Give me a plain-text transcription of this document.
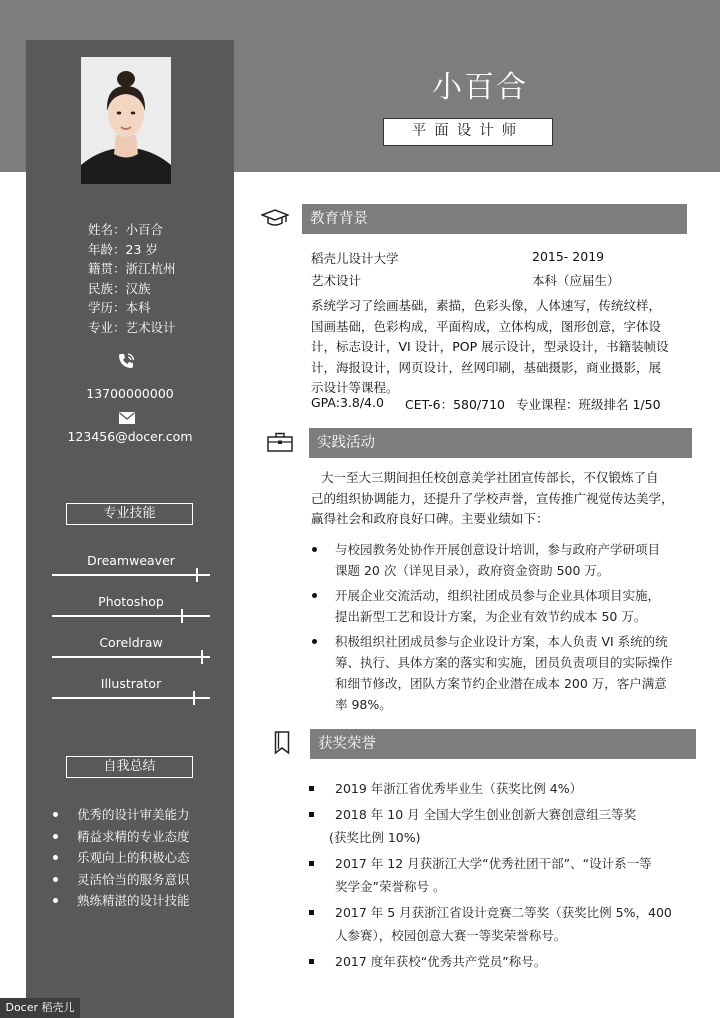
姓名：小百合
年龄：23 岁
籍贯：浙江杭州
民族：汉族
学历：本科
专业：艺术设计
13700000000
123456@docer.com
专业技能
Dreamweaver
Photoshop
Coreldraw
Illustrator
自我总结
优秀的设计审美能力
精益求精的专业态度
乐观向上的积极心态
灵活恰当的服务意识
熟练精湛的设计技能
小百合
平面设计师
教育背景
稻壳儿设计大学	2015- 2019
艺术设计	本科（应届生）

系统学习了绘画基础，素描，色彩头像，人体速写，传统纹样，

国画基础，色彩构成，平面构成，立体构成，图形创意，字体设

计，标志设计，VI 设计，POP 展示设计，型录设计，书籍装帧设

计，海报设计，网页设计，丝网印刷，基础摄影，商业摄影，展

示设计等课程。

GPA:3.8/4.0 CET-6：580/710 专业课程：班级排名 1/50
实践活动

大一至大三期间担任校创意美学社团宣传部长，不仅锻炼了自

己的组织协调能力，还提升了学校声誉，宣传推广视觉传达美学，

赢得社会和政府良好口碑。主要业绩如下：

与校园教务处协作开展创意设计培训，参与政府产学研项目

课题 20 次（详见目录），政府资金资助 500 万。

开展企业交流活动，组织社团成员参与企业具体项目实施，

提出新型工艺和设计方案，为企业有效节约成本 50 万。

积极组织社团成员参与企业设计方案，本人负责 VI 系统的统

筹、执行、具体方案的落实和实施，团员负责项目的实际操作

和细节修改，团队方案节约企业潜在成本 200 万，客户满意

率 98%。

获奖荣誉

2019 年浙江省优秀毕业生（获奖比例 4%）

2018 年 10 月 全国大学生创业创新大赛创意组三等奖

(获奖比例 10%)

2017 年 12 月获浙江大学“优秀社团干部”、“设计系一等

奖学金”荣誉称号 。

2017 年 5 月获浙江省设计竞赛二等奖（获奖比例 5%，400

人参赛），校园创意大赛一等奖荣誉称号。

2017 度年获校“优秀共产党员”称号。

Docer 稻壳儿
